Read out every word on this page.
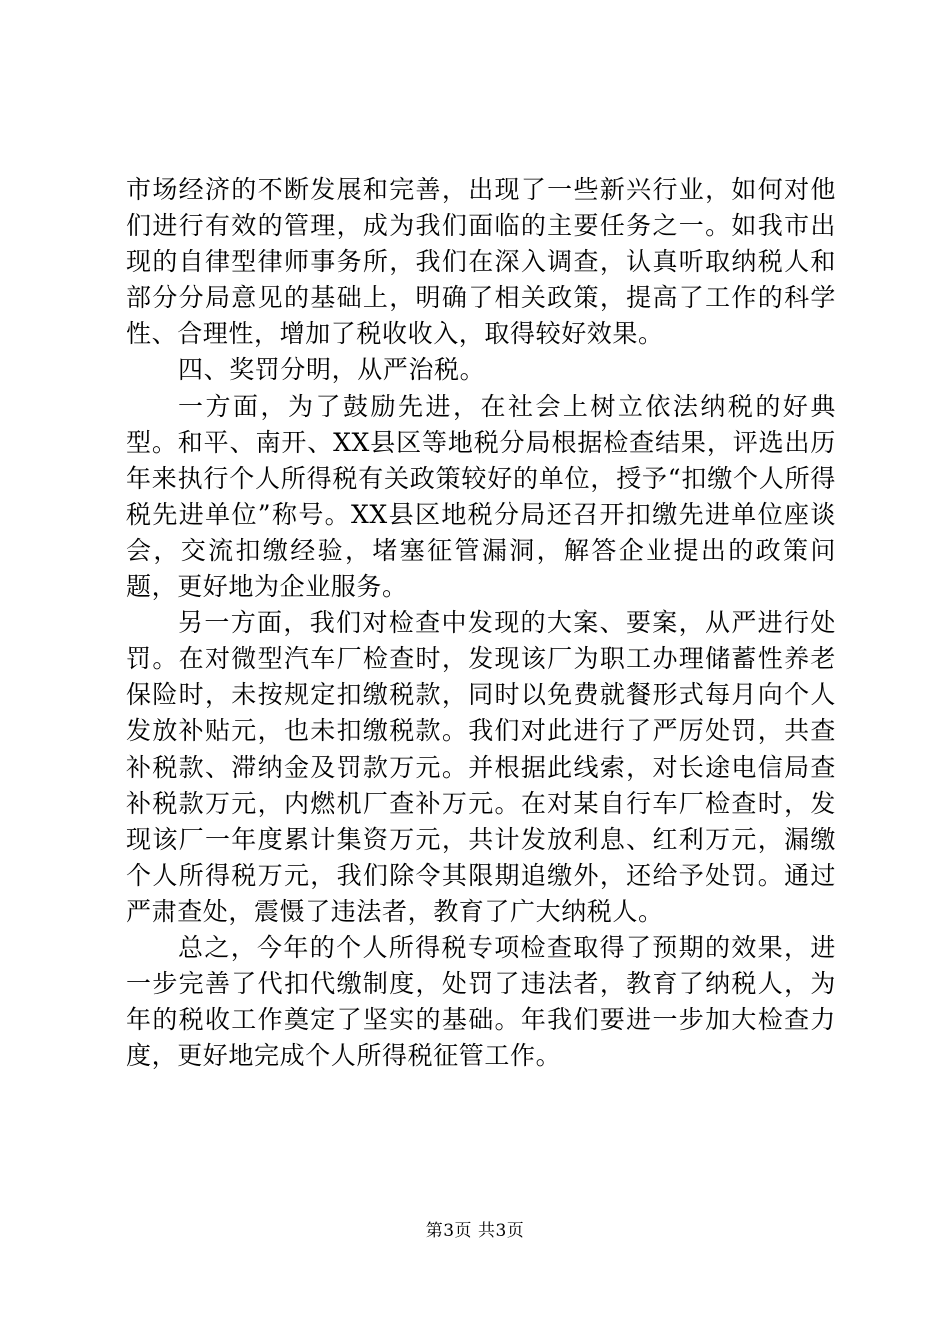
市场经济的不断发展和完善，出现了一些新兴行业，如何对他们进行有效的管理，成为我们面临的主要任务之一。如我市出现的自律型律师事务所，我们在深入调查，认真听取纳税人和部分分局意见的基础上，明确了相关政策，提高了工作的科学性、合理性，增加了税收收入，取得较好效果。

四、奖罚分明，从严治税。

一方面，为了鼓励先进，在社会上树立依法纳税的好典型。和平、南开、XX县区等地税分局根据检查结果，评选出历年来执行个人所得税有关政策较好的单位，授予“扣缴个人所得税先进单位”称号。XX县区地税分局还召开扣缴先进单位座谈会，交流扣缴经验，堵塞征管漏洞，解答企业提出的政策问题，更好地为企业服务。

另一方面，我们对检查中发现的大案、要案，从严进行处罚。在对微型汽车厂检查时，发现该厂为职工办理储蓄性养老保险时，未按规定扣缴税款，同时以免费就餐形式每月向个人发放补贴元，也未扣缴税款。我们对此进行了严厉处罚，共查补税款、滞纳金及罚款万元。并根据此线索，对长途电信局查补税款万元，内燃机厂查补万元。在对某自行车厂检查时，发现该厂一年度累计集资万元，共计发放利息、红利万元，漏缴个人所得税万元，我们除令其限期追缴外，还给予处罚。通过严肃查处，震慑了违法者，教育了广大纳税人。

总之，今年的个人所得税专项检查取得了预期的效果，进一步完善了代扣代缴制度，处罚了违法者，教育了纳税人，为年的税收工作奠定了坚实的基础。年我们要进一步加大检查力度，更好地完成个人所得税征管工作。

第3页 共3页
